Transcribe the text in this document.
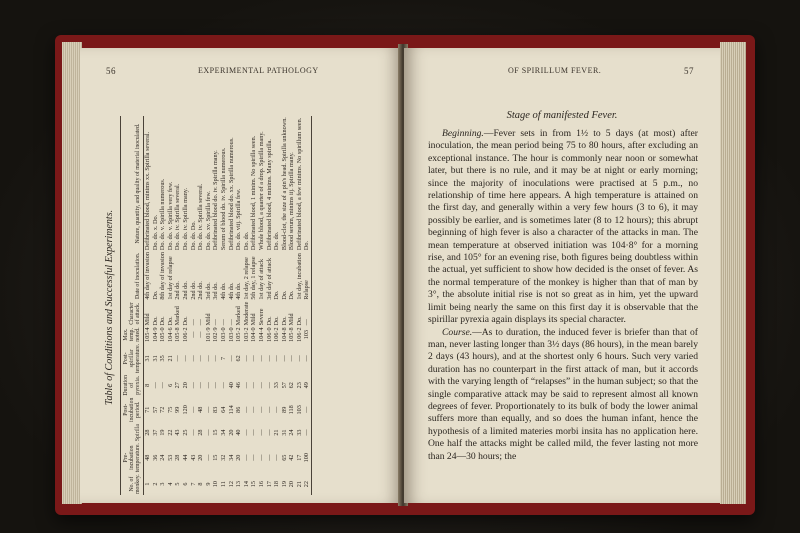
56	EXPERIMENTAL PATHOLOGY
Table of Conditions and Successful Experiments.
No. of monkey.	Pre-incubation temperature.	Spirilla	Post-incubation period.	Duration of pyrexia.	Post-spirillar temperature.	Max. temp. noted.	Character of attack.	Date of inoculation.	Nature, quantity, and quality of material inoculated.
1	48	28	71	8	31	105·4	Mild	4th day of invasion	Defibrinated blood, minims xx. Spirilla several.
2	36	37	57	—	31	104·9	Do.	Do.	Do. do. x. Do.
3	24	19	72	—	35	105·0	Do.	8th day of invasion	Do. do. v. Spirilla numerous.
4	53	22	75	6	21	104·6	Do.	1st day of relapse	Do. do. v. Spirilla very few.
5	28	43	99	27	—	105·8	Marked	2nd do.	Do. do. iv. Spirilla several.
6	44	25	120	20	—	106·2	Do.	2nd do.	Do. do. iv. Spirilla many.
7	43	—	—	—	—	—	—	2nd do.	Do. do. Do.
8	20	28	48	—	—	—	—	2nd do.	Do. do. iv. Spirilla several.
9	—	—	—	—	—	101·9	Mild	3rd do.	Do. do. xv. Spirilla few.
10	15	15	83	—	—	102·9	—	3rd do.	Defibrinated blood do. iv. Spirilla many.
11	32	34	64	—	7	103·0	—	4th do.	Serum of blood do. iv. Spirilla numerous.
12	34	20	114	40	—	103·0	—	4th do.	Defibrinated blood do. xx. Spirilla numerous.
13	20	40	86	46	62	105·2	Marked	4th do.	Do. do. viij. Spirilla few.
14	—	—	—	—	—	103·2	Moderate	1st day, 2 relapse	Do. do.
15	—	—	—	—	—	104·0	Mild	5th day, 1 relapse	Defibrinated blood, 1 minim. No spirilla seen.
16	—	—	—	—	—	104·4	Severe	1st day of attack	Whole blood, a quarter of a drop. Spirilla many.
17	—	—	—	—	—	106·0	Do.	3rd day of attack	Defibrinated blood, 4 minims. Many spirilla.
18	—	21	—	33	—	106·2	Do.	Do.	Do. do.
19	65	31	89	57	—	104·8	Do.	Do.	Blood-clot, the size of a pin's head. Spirilla unknown.
20	42	24	118	62	—	105·8	Mild	Do.	Blood serum, minims iij. Spirilla many.
21	17	33	103	23	—	106·2	Do.	1st day, incubation	Defibrinated blood, a few minims. No spirillum seen.
22	100	—	—	49	—	103	—	Relapse	Do.
OF SPIRILLUM FEVER.	57
Stage of manifested Fever.

Beginning.—Fever sets in from 1½ to 5 days (at most) after inoculation, the mean period being 75 to 80 hours, after excluding an exceptional instance. The hour is commonly near noon or somewhat later, but there is no rule, and it may be at night or early morning; since the majority of inoculations were practised at 5 p.m., no relationship of time here appears. A high temperature is attained on the first day, and generally within a very few hours (3 to 6), it may possibly be earlier, and is sometimes later (8 to 12 hours); this abrupt beginning of high fever is also a character of the attacks in man. The mean temperature at observed initiation was 104·8° for a morning rise, and 105° for an evening rise, both figures being doubtless within the actual, yet sufficient to show how decided is the onset of fever. As the normal temperature of the monkey is higher than that of man by 3°, the absolute initial rise is not so great as in him, yet the upward limit being nearly the same on this first day it is observable that the spirillar pyrexia again displays its special character.

Course.—As to duration, the induced fever is briefer than that of man, never lasting longer than 3½ days (86 hours), in the mean barely 2 days (43 hours), and at the shortest only 6 hours. Such very varied duration has no counterpart in the first attack of man, but it accords with the varying length of “relapses” in the human subject; so that the single comparative attack may be said to represent almost all known degrees of fever. Proportionately to its bulk of body the lower animal suffers more than equally, and so does the human infant, hence the hypothesis of a limited materies morbi insita has no application here. One half the attacks might be called mild, the fever lasting not more than 24—30 hours; the
